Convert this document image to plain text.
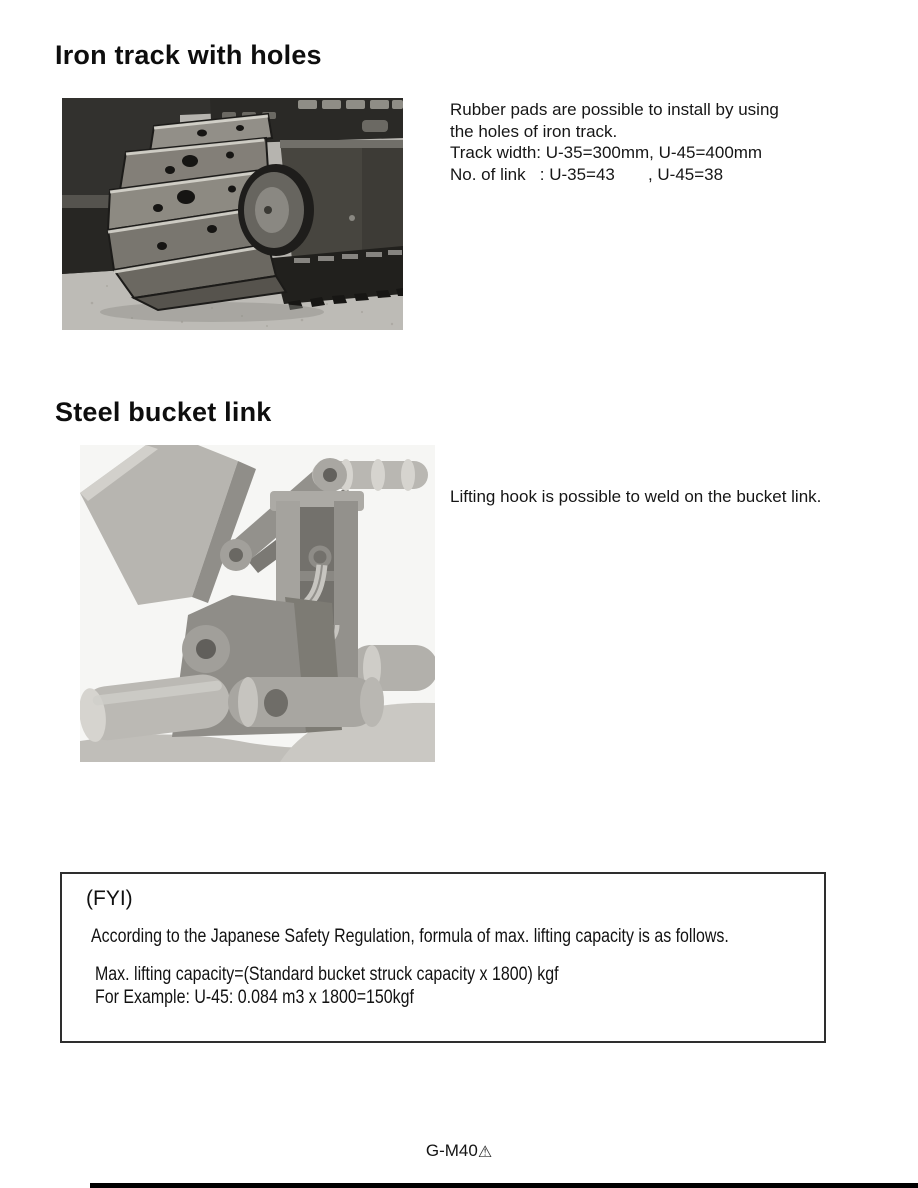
Iron track with holes
Rubber pads are possible to install by using
the holes of iron track.
Track width: U-35=300mm, U-45=400mm
No. of link   : U-35=43       , U-45=38
Steel bucket link
Lifting hook is possible to weld on the bucket link.
(FYI)
According to the Japanese Safety Regulation, formula of max. lifting capacity is as follows.
Max. lifting capacity=(Standard bucket struck capacity x 1800) kgf
For Example: U-45: 0.084 m3 x 1800=150kgf
G-M40⚠
